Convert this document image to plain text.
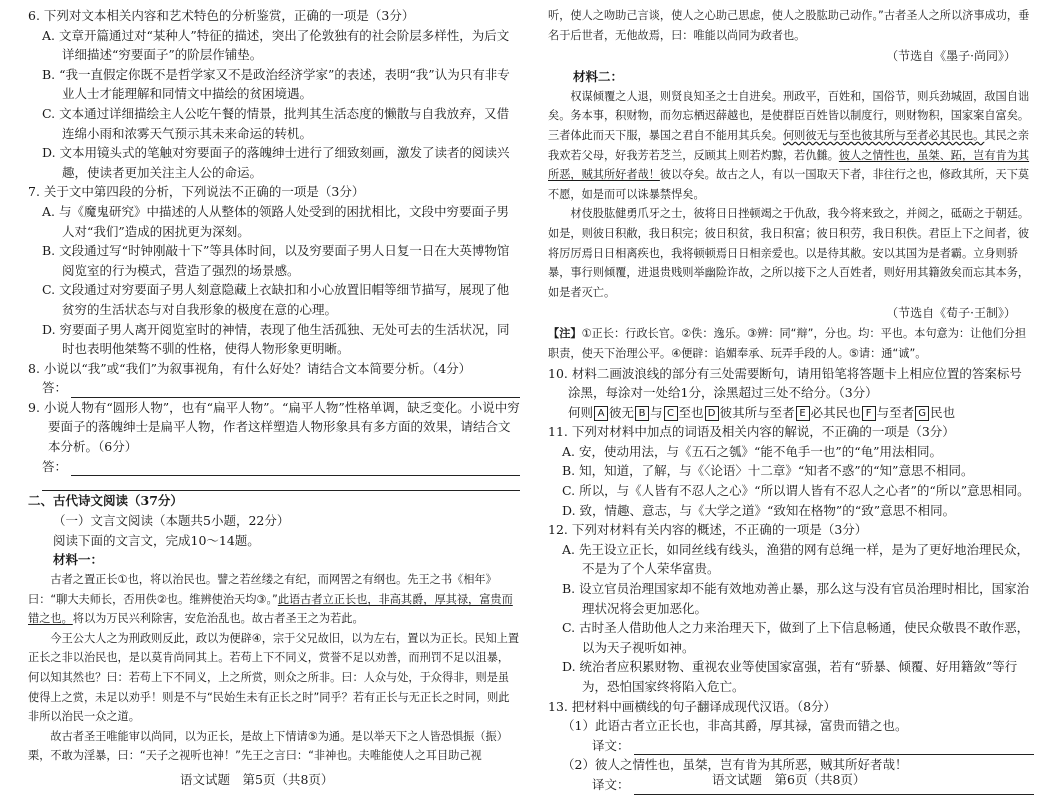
6. 下列对文本相关内容和艺术特色的分析鉴赏，正确的一项是（3分）

A. 文章开篇通过对“某种人”特征的描述，突出了伦敦独有的社会阶层多样性，为后文详细描述“穷要面子”的阶层作铺垫。

B. “我一直假定你既不是哲学家又不是政治经济学家”的表述，表明“我”认为只有非专业人士才能理解和同情文中描绘的贫困境遇。

C. 文本通过详细描绘主人公吃午餐的情景，批判其生活态度的懒散与自我放弃，又借连绵小雨和浓雾天气预示其未来命运的转机。

D. 文本用镜头式的笔触对穷要面子的落魄绅士进行了细致刻画，激发了读者的阅读兴趣，使读者更加关注主人公的命运。

7. 关于文中第四段的分析，下列说法不正确的一项是（3分）

A. 与《魔鬼研究》中描述的人从整体的领路人处受到的困扰相比，文段中穷要面子男人对“我们”造成的困扰更为深刻。

B. 文段通过写“时钟刚敲十下”等具体时间，以及穷要面子男人日复一日在大英博物馆阅览室的行为模式，营造了强烈的场景感。

C. 文段通过对穷要面子男人刻意隐藏上衣缺扣和小心放置旧帽等细节描写，展现了他贫穷的生活状态与对自我形象的极度在意的心理。

D. 穷要面子男人离开阅览室时的神情，表现了他生活孤独、无处可去的生活状况，同时也表明他桀骜不驯的性格，使得人物形象更明晰。

8. 小说以“我”或“我们”为叙事视角，有什么好处？请结合文本简要分析。（4分）

答：

9. 小说人物有“圆形人物”，也有“扁平人物”。“扁平人物”性格单调，缺乏变化。小说中穷要面子的落魄绅士是扁平人物，作者这样塑造人物形象具有多方面的效果，请结合文本分析。（6分）

答：

二、古代诗文阅读（37分）

（一）文言文阅读（本题共5小题，22分）

阅读下面的文言文，完成10～14题。

材料一：

古者之置正长①也，将以治民也。譬之若丝缕之有纪，而网罟之有纲也。先王之书《相年》曰：“聊大夫师长，否用佚②也。维辨使治天均③。”此语古者立正长也，非高其爵，厚其禄，富贵而错之也。将以为万民兴利除害，安危治乱也。故古者圣王之为若此。

今王公大人之为刑政则反此，政以为便辟④，宗于父兄故旧，以为左右，置以为正长。民知上置正长之非以治民也，是以莫肯尚同其上。若苟上下不同义，赏誉不足以劝善，而刑罚不足以沮暴，何以知其然也？曰：若苟上下不同义，上之所赏，则众之所非。曰：人众与处，于众得非，则是虽使得上之赏，未足以劝乎！则是不与“民始生未有正长之时”同乎？若有正长与无正长之时同，则此非所以治民一众之道。

故古者圣王唯能审以尚同，以为正长，是故上下情请⑤为通。是以举天下之人皆恐惧振（振）栗，不敢为淫暴，曰：“天子之视听也神！”先王之言曰：“非神也。夫唯能使人之耳目助己视

听，使人之吻助己言谈，使人之心助己思虑，使人之股肱助己动作。”古者圣人之所以济事成功，垂名于后世者，无他故焉，曰：唯能以尚同为政者也。

（节选自《墨子·尚同》）

材料二：

权谋倾覆之人退，则贤良知圣之士自进矣。刑政平，百姓和，国俗节，则兵劲城固，敌国自诎矣。务本事，积财物，而勿忘栖迟薛越也，是使群臣百姓皆以制度行，则财物积，国家案自富矣。三者体此而天下服，暴国之君自不能用其兵矣。何则彼无与至也彼其所与至者必其民也。其民之亲我欢若父母，好我芳若芝兰，反顾其上则若灼黥，若仇雠。彼人之情性也，虽桀、跖，岂有肯为其所恶，贼其所好者哉！彼以夺矣。故古之人，有以一国取天下者，非往行之也，修政其所，天下莫不愿，如是而可以诛暴禁悍矣。

材伎股肱健勇爪牙之士，彼将日日挫顿竭之于仇敌，我今将来致之，并阅之，砥砺之于朝廷。如是，则彼日积敝，我日积完；彼日积贫，我日积富；彼日积劳，我日积佚。君臣上下之间者，彼将厉厉焉日日相离疾也，我将顿顿焉日日相亲爱也。以是待其敝。安以其国为是者霸。立身则骄暴，事行则倾覆，进退贵贱则举幽险诈故，之所以接下之人百姓者，则好用其籍敛矣而忘其本务，如是者灭亡。

（节选自《荀子·王制》）

【注】①正长：行政长官。②佚：逸乐。③辨：同“辩”，分也。均：平也。本句意为：让他们分担职责，使天下治理公平。④便辟：谄媚奉承、玩弄手段的人。⑤请：通“诚”。

10. 材料二画波浪线的部分有三处需要断句，请用铅笔将答题卡上相应位置的答案标号涂黑，每涂对一处给1分，涂黑超过三处不给分。（3分）

何则 A 彼无 B 与 C 至也 D 彼其所与至者 E 必其民也 F 与至者 G 民也

11. 下列对材料中加点的词语及相关内容的解说，不正确的一项是（3分）

A. 安，使动用法，与《五石之瓠》“能不龟手一也”的“龟”用法相同。

B. 知，知道，了解，与《〈论语〉十二章》“知者不惑”的“知”意思不相同。

C. 所以，与《人皆有不忍人之心》“所以谓人皆有不忍人之心者”的“所以”意思相同。

D. 致，情趣、意志，与《大学之道》“致知在格物”的“致”意思不相同。

12. 下列对材料有关内容的概述，不正确的一项是（3分）

A. 先王设立正长，如同丝线有线头，渔猎的网有总绳一样，是为了更好地治理民众，不是为了个人荣华富贵。

B. 设立官员治理国家却不能有效地劝善止暴，那么这与没有官员治理时相比，国家治理状况将会更加恶化。

C. 古时圣人借助他人之力来治理天下，做到了上下信息畅通，使民众敬畏不敢作恶，以为天子视听如神。

D. 统治者应积累财物、重视农业等使国家富强，若有“骄暴、倾覆、好用籍敛”等行为，恐怕国家终将陷入危亡。

13. 把材料中画横线的句子翻译成现代汉语。（8分）

（1）此语古者立正长也，非高其爵，厚其禄，富贵而错之也。

译文：

（2）彼人之情性也，虽桀，岂有肯为其所恶，贼其所好者哉！

译文：
语文试题　第5页（共8页）	语文试题　第6页（共8页）
